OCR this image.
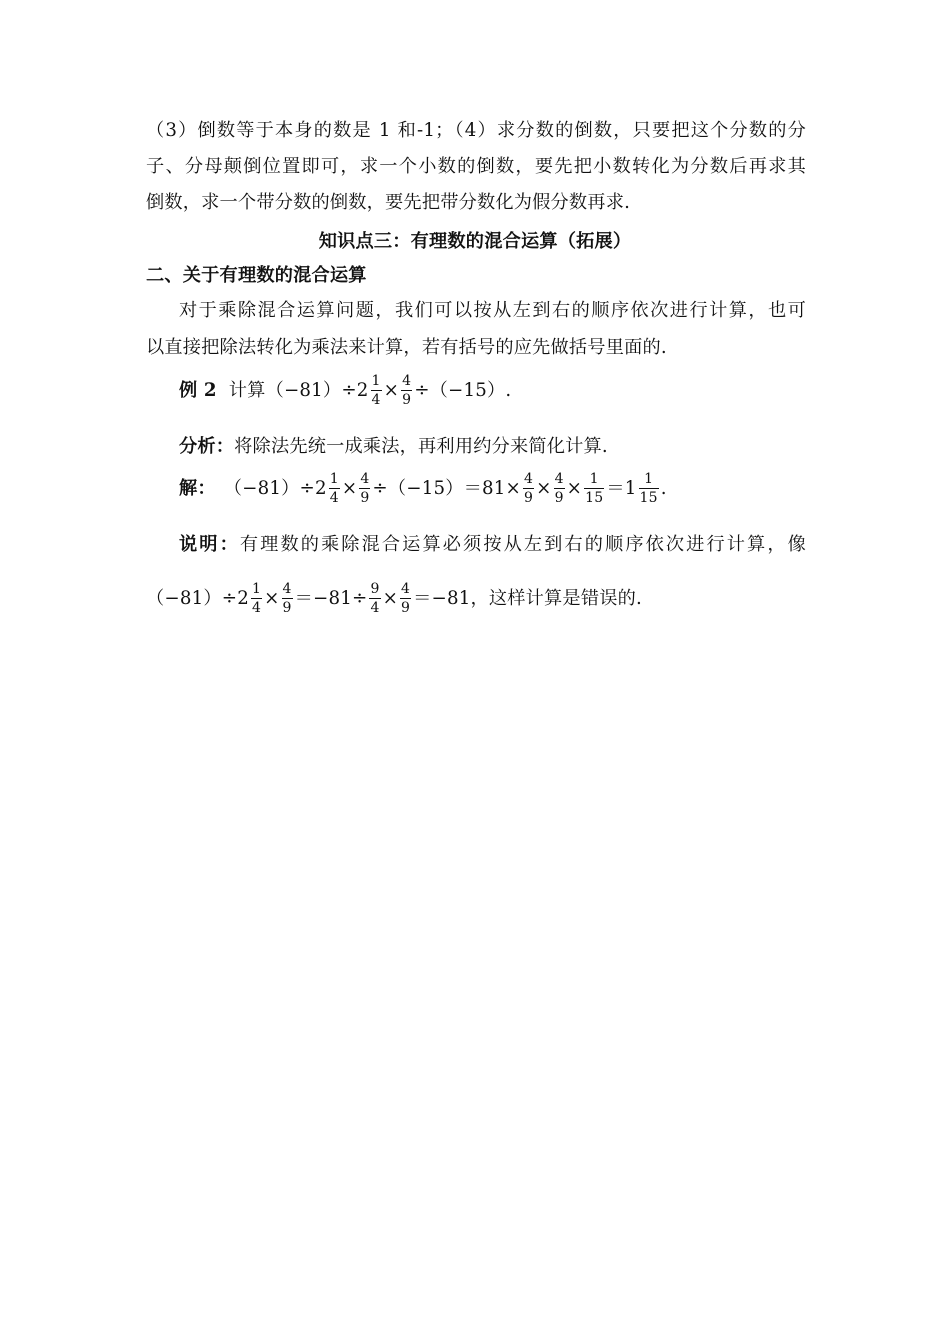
（3）倒数等于本身的数是 1 和-1；（4）求分数的倒数，只要把这个分数的分
子、分母颠倒位置即可，求一个小数的倒数，要先把小数转化为分数后再求其
倒数，求一个带分数的倒数，要先把带分数化为假分数再求.
知识点三：有理数的混合运算（拓展）
二、关于有理数的混合运算
对于乘除混合运算问题，我们可以按从左到右的顺序依次进行计算，也可
以直接把除法转化为乘法来计算，若有括号的应先做括号里面的.
例 2 计算 $(-81)\div 2 \frac{1}{4} \times \frac{4}{9} \div(-15)$.
分析：将除法先统一成乘法，再利用约分来简化计算.
解： $(-81)\div 2 \frac{1}{4} \times \frac{4}{9} \div(-15)=81\times \frac{4}{9} \times \frac{4}{9} \times \frac{1}{15} =1 \frac{1}{15}$ .
说明：有理数的乘除混合运算必须按从左到右的顺序依次进行计算，像
$(-81)\div 2 \frac{1}{4} \times \frac{4}{9} =-81\div \frac{9}{4} \times \frac{4}{9} =-81$，这样计算是错误的.
